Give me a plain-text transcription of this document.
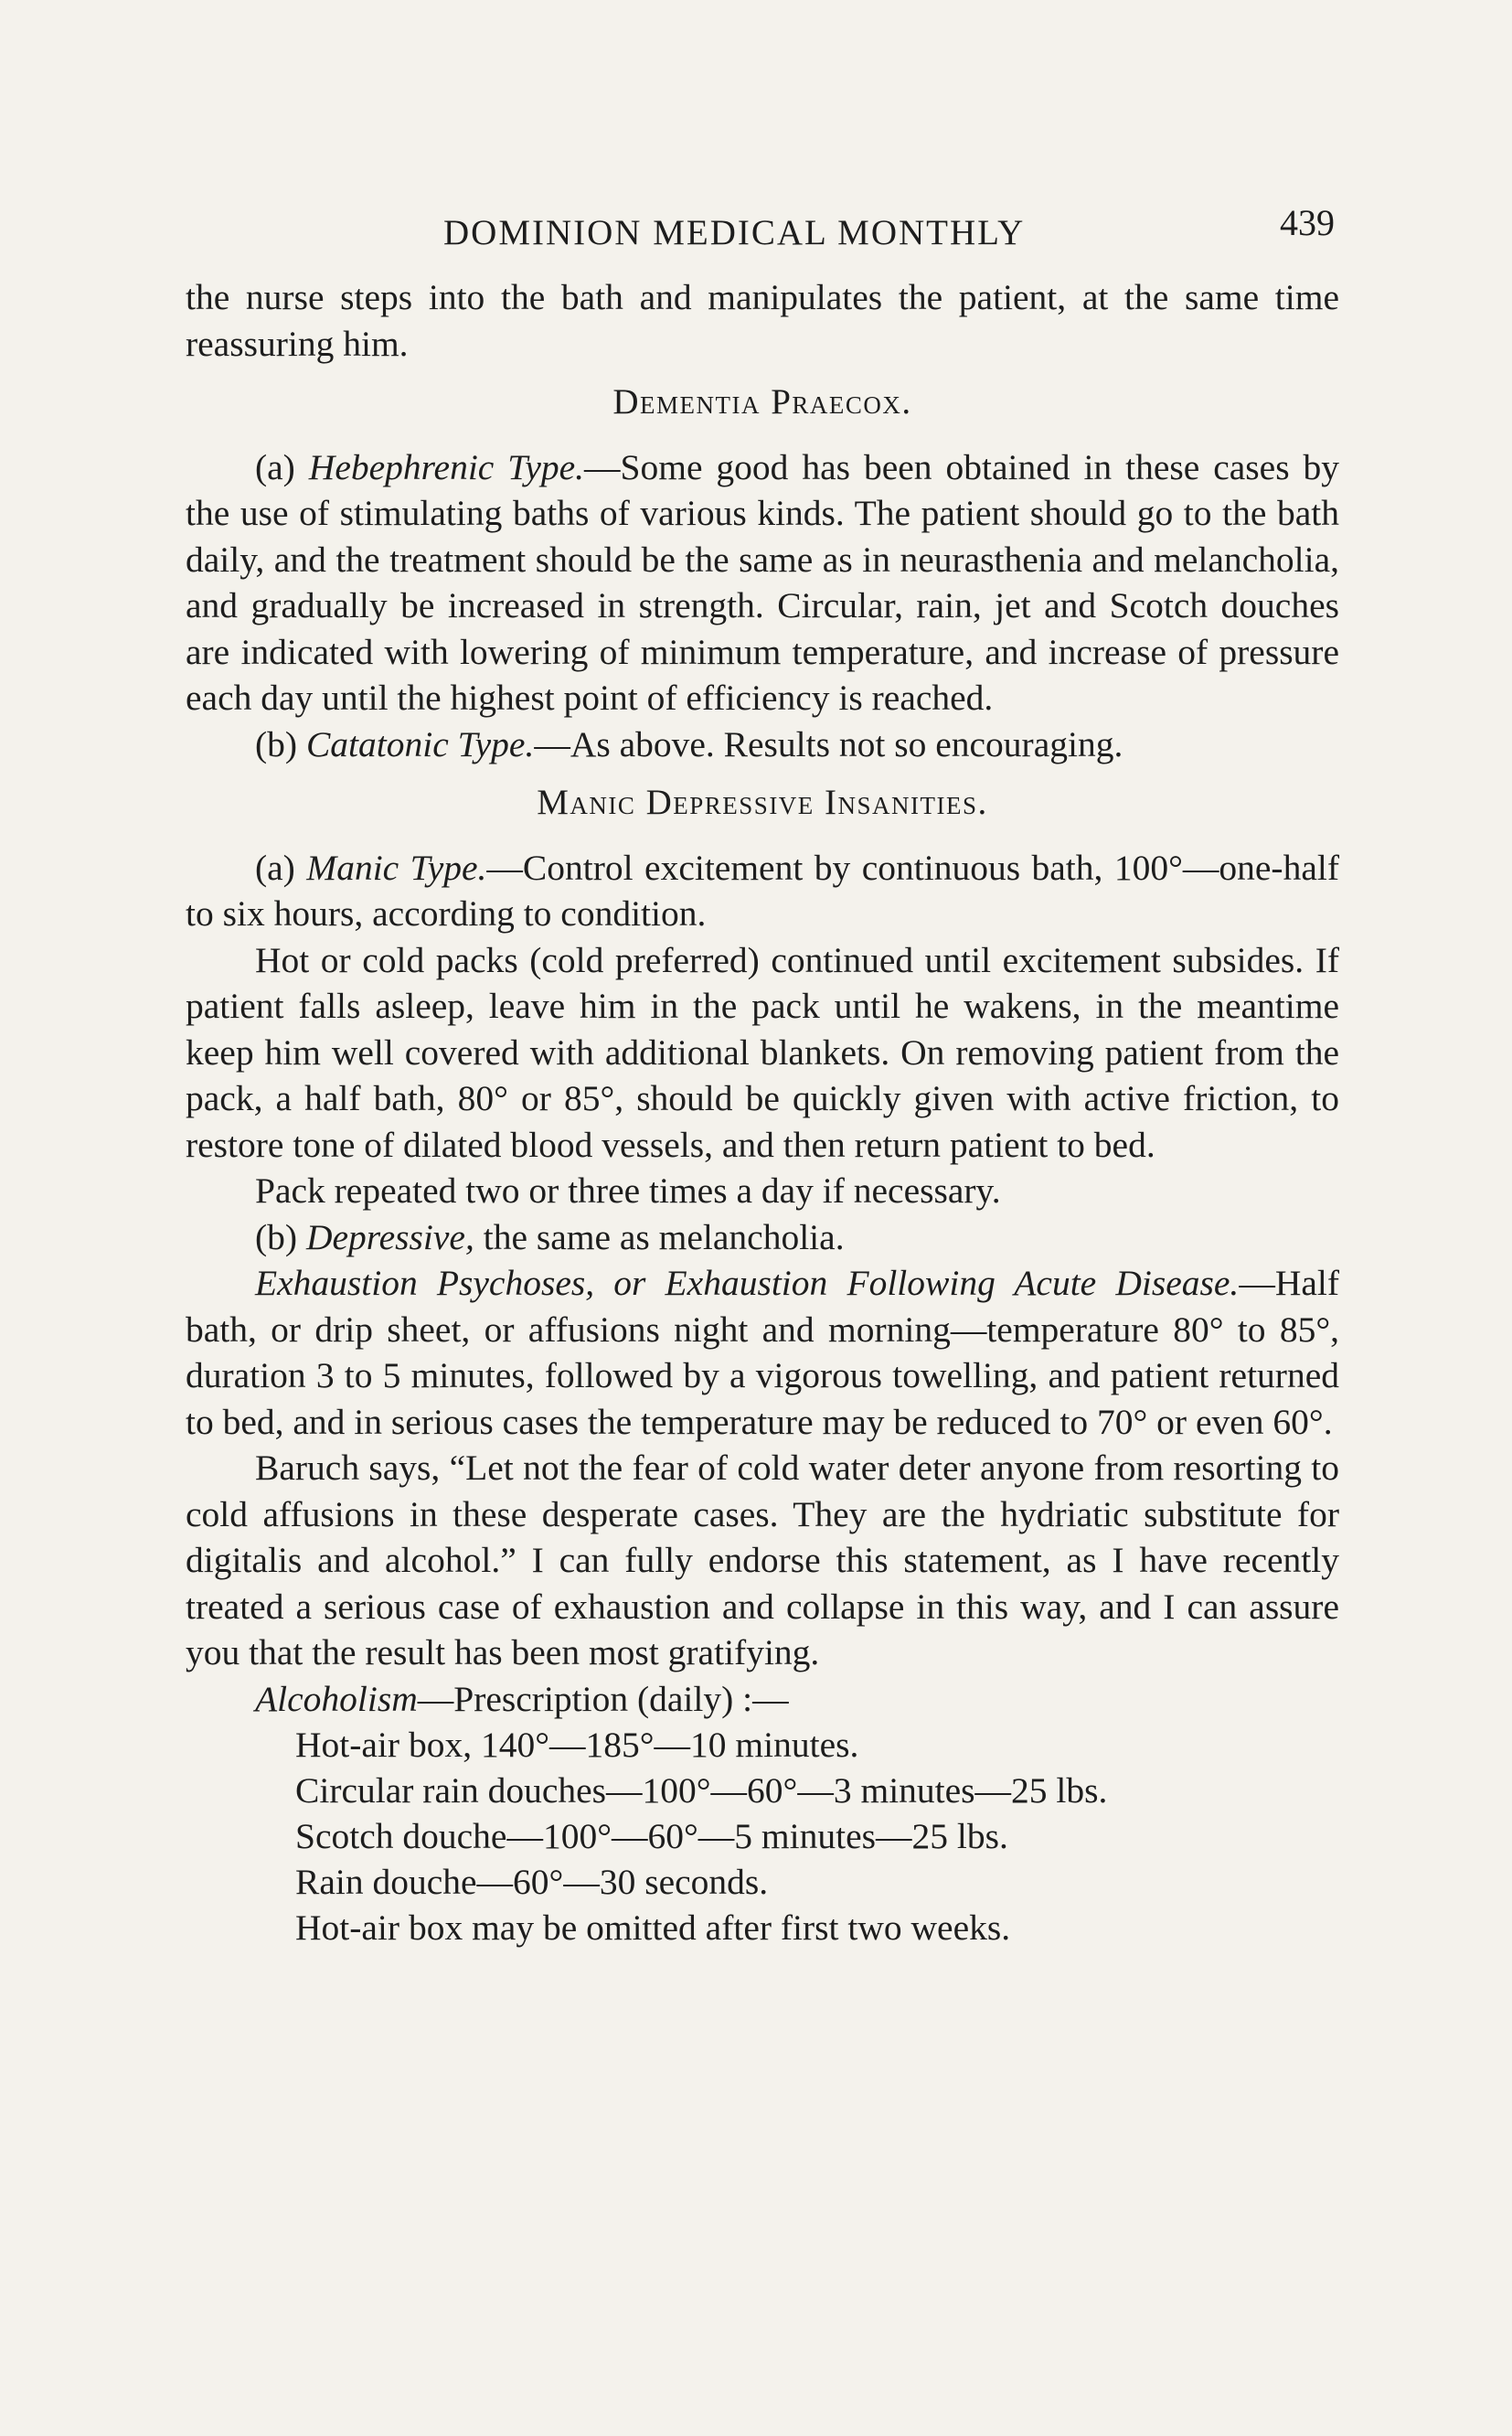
DOMINION MEDICAL MONTHLY	439

the nurse steps into the bath and manipulates the patient, at the same time reassuring him.

Dementia Praecox.

(a) Hebephrenic Type.—Some good has been obtained in these cases by the use of stimulating baths of various kinds. The patient should go to the bath daily, and the treatment should be the same as in neurasthenia and melancholia, and gradually be increased in strength. Circular, rain, jet and Scotch douches are indicated with lowering of minimum temperature, and increase of pressure each day until the highest point of efficiency is reached.

(b) Catatonic Type.—As above. Results not so encouraging.

Manic Depressive Insanities.

(a) Manic Type.—Control excitement by continuous bath, 100°—one-half to six hours, according to condition.

Hot or cold packs (cold preferred) continued until excitement subsides. If patient falls asleep, leave him in the pack until he wakens, in the meantime keep him well covered with additional blankets. On removing patient from the pack, a half bath, 80° or 85°, should be quickly given with active friction, to restore tone of dilated blood vessels, and then return patient to bed.

Pack repeated two or three times a day if necessary.

(b) Depressive, the same as melancholia.

Exhaustion Psychoses, or Exhaustion Following Acute Disease.—Half bath, or drip sheet, or affusions night and morning—temperature 80° to 85°, duration 3 to 5 minutes, followed by a vigorous towelling, and patient returned to bed, and in serious cases the temperature may be reduced to 70° or even 60°.

Baruch says, “Let not the fear of cold water deter anyone from resorting to cold affusions in these desperate cases. They are the hydriatic substitute for digitalis and alcohol.” I can fully endorse this statement, as I have recently treated a serious case of exhaustion and collapse in this way, and I can assure you that the result has been most gratifying.

Alcoholism—Prescription (daily) :—

Hot-air box, 140°—185°—10 minutes.
Circular rain douches—100°—60°—3 minutes—25 lbs.
Scotch douche—100°—60°—5 minutes—25 lbs.
Rain douche—60°—30 seconds.
Hot-air box may be omitted after first two weeks.
